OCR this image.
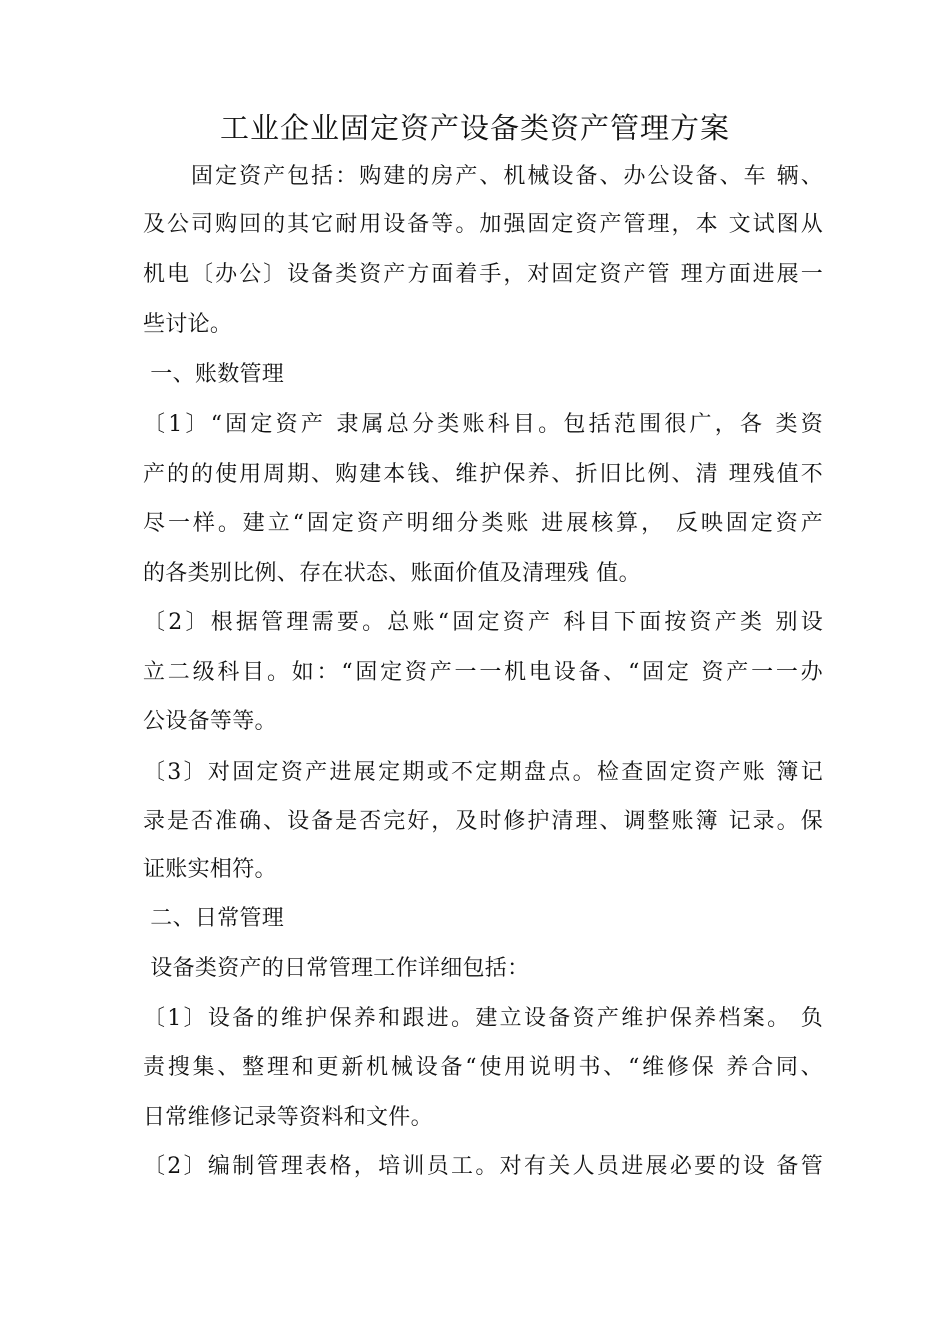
工业企业固定资产设备类资产管理方案
　　固定资产包括：购建的房产、机械设备、办公设备、车 辆、
及公司购回的其它耐用设备等。加强固定资产管理，本 文试图从
机电〔办公〕设备类资产方面着手，对固定资产管 理方面进展一
些讨论。
一、账数管理
〔1〕“固定资产 隶属总分类账科目。包括范围很广，各 类资
产的的使用周期、购建本钱、维护保养、折旧比例、清 理残值不
尽一样。建立“固定资产明细分类账 进展核算， 反映固定资产
的各类别比例、存在状态、账面价值及清理残 值。
〔2〕根据管理需要。总账“固定资产 科目下面按资产类 别设
立二级科目。如：“固定资产一一机电设备、“固定 资产一一办
公设备等等。
〔3〕对固定资产进展定期或不定期盘点。检查固定资产账 簿记
录是否准确、设备是否完好，及时修护清理、调整账簿 记录。保
证账实相符。
二、日常管理
设备类资产的日常管理工作详细包括：
〔1〕设备的维护保养和跟进。建立设备资产维护保养档案。 负
责搜集、整理和更新机械设备“使用说明书、“维修保 养合同、
日常维修记录等资料和文件。
〔2〕编制管理表格，培训员工。对有关人员进展必要的设 备管
